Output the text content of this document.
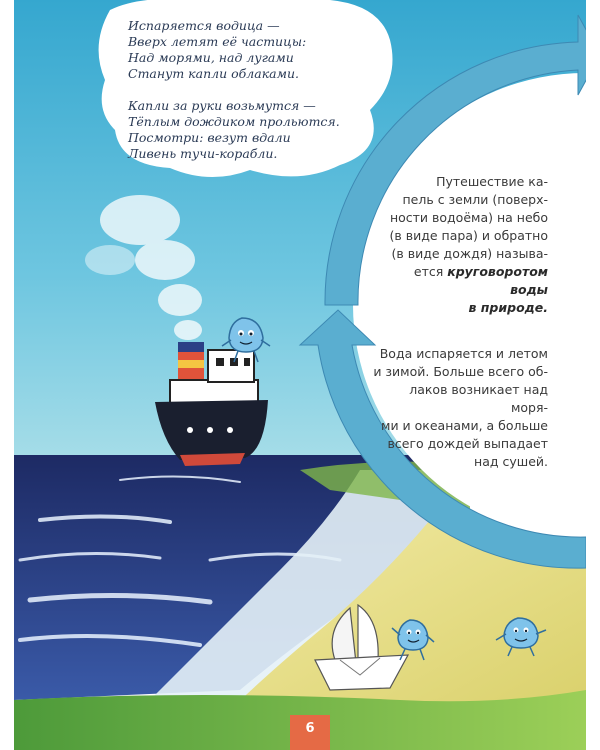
Испаряется водица —

Вверх летят её частицы:

Над морями, над лугами

Станут капли облаками.

Капли за руки возьмутся —

Тёплым дождиком прольются.

Посмотри: везут вдали

Ливень тучи-корабли.

Путешествие ка-
пель с земли (поверх-
ности водоёма) на небо
(в виде пара) и обратно
(в виде дождя) называ-
ется круговоротом воды
в природе.
Вода испаряется и летом
и зимой. Больше всего об-
лаков возникает над моря-
ми и океанами, а больше
всего дождей выпадает
над сушей.
6
